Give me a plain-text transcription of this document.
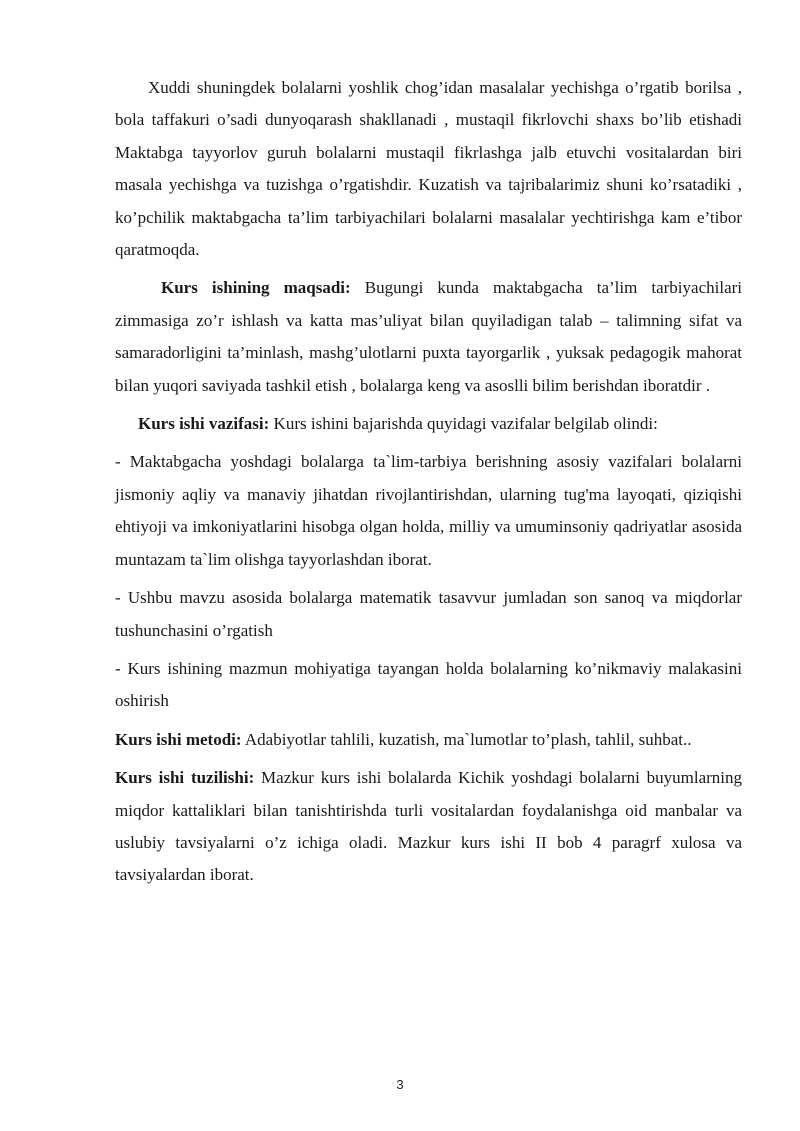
Xuddi shuningdek bolalarni yoshlik chog’idan masalalar yechishga o’rgatib borilsa , bola taffakuri o’sadi dunyoqarash shakllanadi , mustaqil fikrlovchi shaxs bo’lib etishadi Maktabga tayyorlov guruh bolalarni mustaqil fikrlashga jalb etuvchi vositalardan biri masala yechishga va tuzishga o’rgatishdir. Kuzatish va tajribalarimiz shuni ko’rsatadiki , ko’pchilik maktabgacha ta’lim tarbiyachilari bolalarni masalalar yechtirishga kam e’tibor qaratmoqda.

Kurs ishining maqsadi: Bugungi kunda maktabgacha ta’lim tarbiyachilari zimmasiga zo’r ishlash va katta mas’uliyat bilan quyiladigan talab – talimning sifat va samaradorligini ta’minlash, mashg’ulotlarni puxta tayorgarlik , yuksak pedagogik mahorat bilan yuqori saviyada tashkil etish , bolalarga keng va asoslli bilim berishdan iboratdir .

Kurs ishi vazifasi: Kurs ishini bajarishda quyidagi vazifalar belgilab olindi:

- Maktabgacha yoshdagi bolalarga ta`lim-tarbiya berishning asosiy vazifalari bolalarni jismoniy aqliy va manaviy jihatdan rivojlantirishdan, ularning tug'ma layoqati, qiziqishi ehtiyoji va imkoniyatlarini hisobga olgan holda, milliy va umuminsoniy qadriyatlar asosida muntazam ta`lim olishga tayyorlashdan iborat.

- Ushbu mavzu asosida bolalarga matematik tasavvur jumladan son sanoq va miqdorlar tushunchasini o’rgatish

- Kurs ishining mazmun mohiyatiga tayangan holda bolalarning ko’nikmaviy malakasini oshirish

Kurs ishi metodi: Adabiyotlar tahlili, kuzatish, ma`lumotlar to’plash, tahlil, suhbat..

Kurs ishi tuzilishi: Mazkur kurs ishi bolalarda Kichik yoshdagi bolalarni buyumlarning miqdor kattaliklari bilan tanishtirishda turli vositalardan foydalanishga oid manbalar va uslubiy tavsiyalarni o’z ichiga oladi. Mazkur kurs ishi II bob 4 paragrf xulosa va tavsiyalardan iborat.

3
